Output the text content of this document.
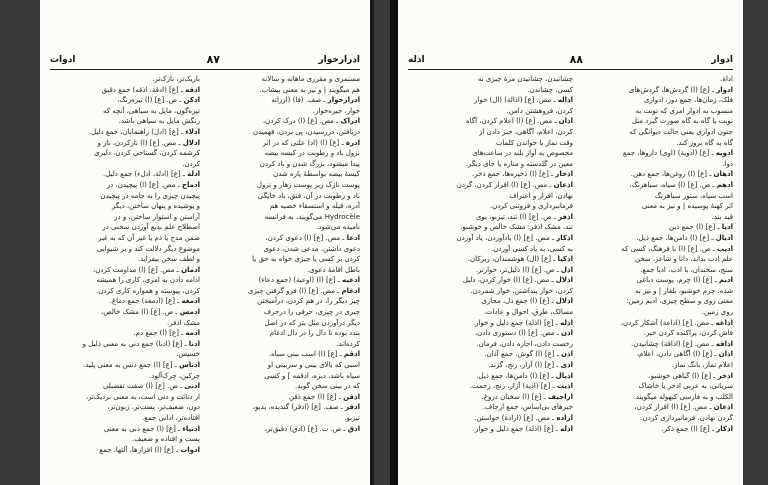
ادرارخوار
۸۷
ادوات
مستمری و مقرری ماهانه و سالانه
هم میگویند | و نیز به معنی پیشاب.
ادرارخوار ـ صف. (فا) (ازراته
خوار، جیره‌خوار.
ادراک ـ مص. [ع] (ا) درک کردن،
دریافتن، دررسیدن، پی بردن، فهمیدن
ادرة ـ [ع] (ا) (اد) علتی که در اثر
نزول باد و رطوبت در کیسه بیضه
پیدا میشود، بزرگ شدن و باد کردن
کیسهٔ بیضه بواسطهٔ پاره شدن
پوست نازک زیر پوست زهار و نزول
باد و رطوبت در آن، فتق، باد خایگی
آدره، قیله و استسقاء خصیه هم
Hydrocèle می‌گویند، به فرانسه
نامیده می‌شود.
ادعا ـ مص. [ع] (ا) دعوی کردن،
دعوی داشتن، مدعی شدن، دعوی
کردن بر کسی یا چیزی خواه به حق یا
باطل اقامهٔ دعوی.
ادعیه ـ [ع] (ا) (اوعیة) (جمع دعاء)
ادغام ـ مص. [ع] (ا) فرو گرفتن چیزی
چیز دیگر را، در هم کردن، درآمیختن
چیزی در چیزی، حرفی را درحرف
دیگر درآوردن مثل بتر که در اصل
بتدد بوده تا دال را در دال ادغام
کرده‌اند.
ادقم ـ [ع] (ا) اسب بینی سیاه.
اسبی که بالای بینی و سربینی او
سیاه باشد، دیزه، ادقمه ] و کسی
که در بینی سخن گوید.
اذقن ـ [ع] (ا) جمع ذقن
ادقر ـ صف. [ع] (ادقر) گندیده، بدبو،
تیزبو.
ادق ـ ص. ت. [ع] (ادق) دقیق‌تر،
باریک‌تر، نازک‌تر.
ادقه ـ [ع] (ادقة، اذقه) جمع دقیق
ادکن ـ ص. [ع] (ا) تیره‌رنگ،
تیره‌گون، مایل به سیاهی، آنچه که
رنگش مایل به سیاهی باشد.
ادلاء ـ [ع] (ادل) راهنمایان، جمع دلیل.
ادلال ـ مص. [ع] (ا) نازکردن، ناز و
کرشمه کردن، گستاخی کردن، دلیری
کردن.
ادلة ـ [ع] (ادلة، ادلء) جمع دلیل.
ادماج ـ مص. [ع] (ا) پیچیدن، در
پیچیدن چیزی را به جامه در پیچیدن
و پوشیده و پنهان ساختن، دیگر
آراستن و استوار ساختن، و در
اصطلاح علم بدیع آوردن سخنی در
ضمن مدح یا ذم یا غیر آن که به غیر
موضوع دیگر دلالت کند و بر شیوایی
و لطف سخن بیفزاید.
ادمان ـ مص. [ع] (ا) مداومت کردن،
ادامه دادن به امری، کاری را همیشه
کردن، پیوسته و همواره کاری کردن.
ادمغه ـ [ع] (ادمغة) جمع دماغ.
ادمس ـ ص. [ع] (ا) مشک خالص،
مشک اذفر.
ادمه ـ [ع] (ا) جمع دم.
ادنا ـ [ع] (ادنا) جمع دنی به معنی ذلیل و
خسیس.
ادناس ـ [ع] (ا) جمع دنس به معنی پلید.
چرکین، چرک‌آلود.
ادنی ـ ص. [ع] (ا) صفت تفضیلی
از دنائت و دنی است، به معنی نزدیک‌تر،
دون، ضعیف‌تر، پست‌تر، زبون‌تر،
افتاده‌تر، ادانی جمع.
ادنیاء ـ [ع] (ا) جمع دنی به معنی
پست و افتاده و ضعیف.
ادوات ـ [ع] (ا) افزارها، آلتها، جمع
ادوار
۸۸
اذله
اداة.
ادوار ـ [ع] (ا) گردش‌ها، گردش‌های
فلک، زمان‌ها، جمع دور، ادواری
منسوب به ادوار امری که نوبت به
نوبت یا گاه به گاه صورت گیرد مثل
جنون ادواری یعنی حالت دیوانگی که
گاه به گاه بروز کند.
ادویه ـ [ع] (ادویة) (اوی) داروها، جمع
دوا.
ادهان ـ [ع] (ا) روغن‌ها، جمع دهن.
ادهم ـ ص. [ع] (ا) سیاه، سیاهرنگ،
اسب سیاه، ستور سیاهرنگ
اثر کهنهٔ پوسیده | و نیز به معنی
قید بند.
ادیا ـ [ع] (ا) جمع دین
ادیال ـ [ع] (ا) دامن‌ها، جمع ذیل.
ادیب ـ ص. [ع] (ا) با فرهنگ، کسی که
علم ادب بداند، دانا و شاعر، سخن
سنج، سخندان، با ادب، ادبا جمع.
ادیم ـ [ع] (ا) چرم، پوست دباغی
شده، چرم خوشبو، بلغار | و نیز به
معنی روی و سطح چیزی، ادیم زمین:
روی زمین.
اذاعه ـ مص. [ع] (اذاعة) آشکار کردن،
فاش کردن، پراکنده کردن خبر.
اذاقه ـ مص. [ع] (اذاقة) چشانیدن.
اذان ـ [ع] (ا) آگاهی دادن، اعلام،
اعلام نماز، بانگ نماز.
اذخر ـ [ع] (ا) گیاهی خوشبو.
سریانی، به عربی اذخر یا خاشاک
الکلب و به فارسی کبهوله میگویند.
اذعان ـ مص. [ع] (ا) اقرار کردن،
گردن نهادن، فرمانبرداری کردن.
اذکار ـ [ع] (ا) جمع ذکر.
چشانیدن، چشانیدن مزهٔ چیزی به
کسی، چشاندن.
اذاله ـ مص. [ع] (اذالة) (ال) خوار
کردن، فروهشتن دامن.
اذان ـ مص. [ع] (ا) اعلام کردن، آگاه
کردن، اعلام، آگاهی، خبر دادن از
وقت نماز با خواندن کلمات
مخصوص به آواز بلند در ساعت‌های
معین در گلدسته و مناره یا جای دیگر.
اذخار ـ [ع] (ا) ذخیره‌ها، جمع ذخر.
اذعان ـ مص. [ع] (ا) اقرار کردن، گردن
نهادن، اقرار و اعتراف
فرمانبرداری و فروتنی کردن.
اذفر ـ ص. [ع] (ا) تند، تیزبو، بوی
تند، مشک اذفر: مشک خالص و خوشبو.
اذکار ـ مص. [ع] (ا) یادآوردن، یاد آوردن
به کسی، به یاد کسی آوردن.
اذکیا ـ [ع] (ال) هوشمندان، زیرکان.
اذل ـ ص. [ع] (ا) ذلیل‌تر، خوارتر.
اذلال ـ مص. [ع] (ا) خوار کردن، ذلیل
کردن، خوار پنداشتن، خوار شمردن.
اذلال ـ [ع] (ا) جمع ذل، مجاری
مسالک، طرق، احوال و عادات.
اذله ـ [ع] (اذلة) جمع ذلیل و خوار.
اذن ـ مص. [ع] (ا) دستوری دادن،
رخصت دادن، اجازه دادن، فرمان.
اذن ـ [ع] (ا) گوش، جمع آذان.
اذی ـ [ع] (ا) آزار، رنج، گزند.
اذیال ـ [ع] (ا) دامن‌ها، جمع ذیل.
اذیت ـ [ع] (اذیة) آزار، رنج، زحمت.
اراجیف ـ [ع] (ا) سخنان دروغ.
خبرهای بی‌اساس، جمع ارجاف.
اراده ـ مص. [ع] (ارادة) خواستن.
اذله ـ [ع] (اذلة) جمع ذلیل و خوار.
